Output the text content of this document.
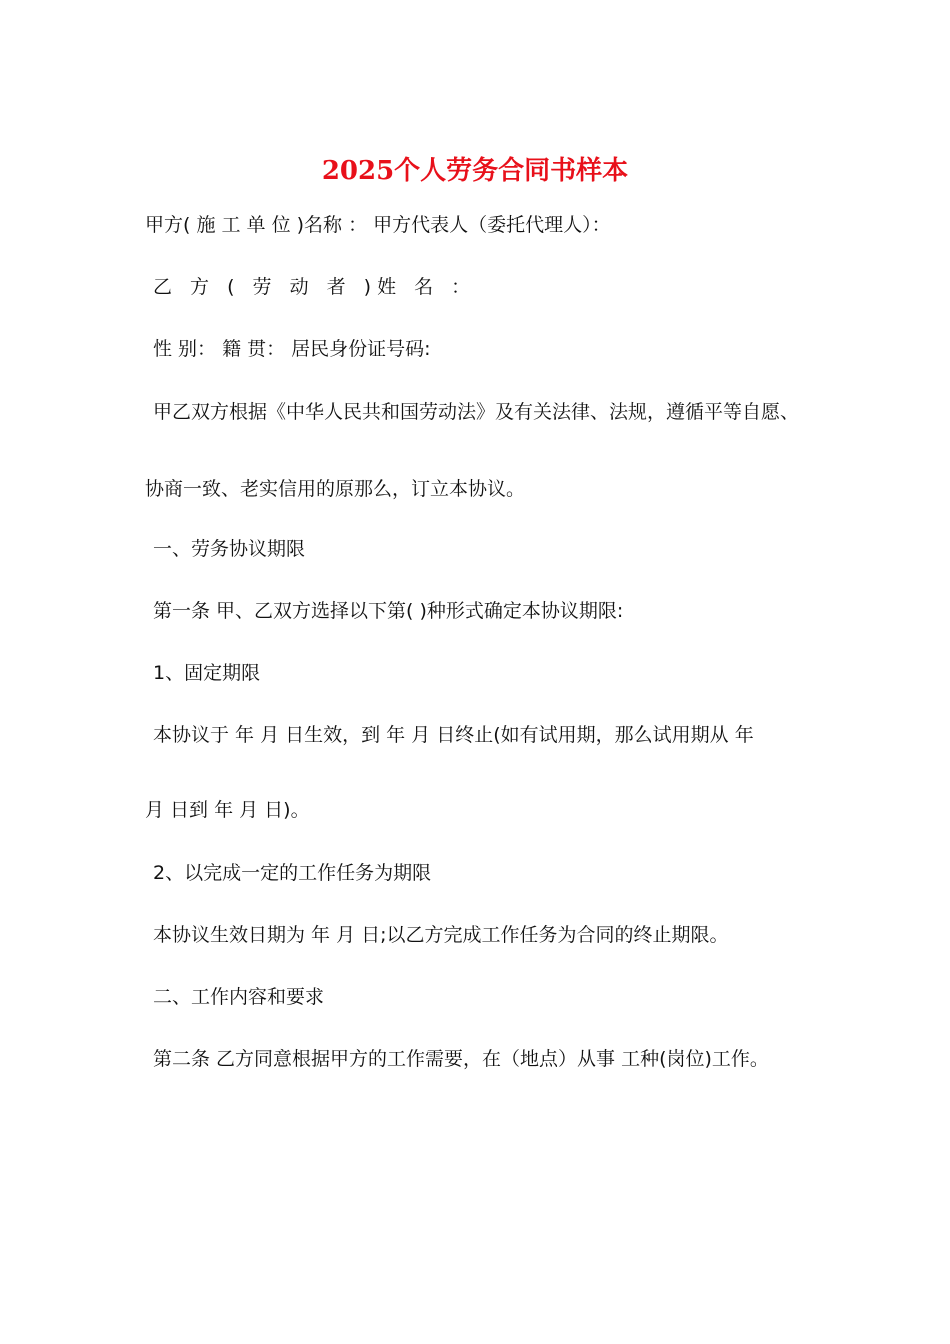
2025个人劳务合同书样本

甲方( 施 工 单 位 )名称 ： 甲方代表人（委托代理人）：

乙 方 ( 劳 动 者 )姓 名 ：

性 别： 籍 贯： 居民身份证号码:

甲乙双方根据《中华人民共和国劳动法》及有关法律、法规，遵循平等自愿、

协商一致、老实信用的原那么，订立本协议。

一、劳务协议期限

第一条 甲、乙双方选择以下第( )种形式确定本协议期限:

1、固定期限

本协议于 年 月 日生效，到 年 月 日终止(如有试用期，那么试用期从 年

月 日到 年 月 日)。

2、以完成一定的工作任务为期限

本协议生效日期为 年 月 日;以乙方完成工作任务为合同的终止期限。

二、工作内容和要求

第二条 乙方同意根据甲方的工作需要，在（地点）从事 工种(岗位)工作。
